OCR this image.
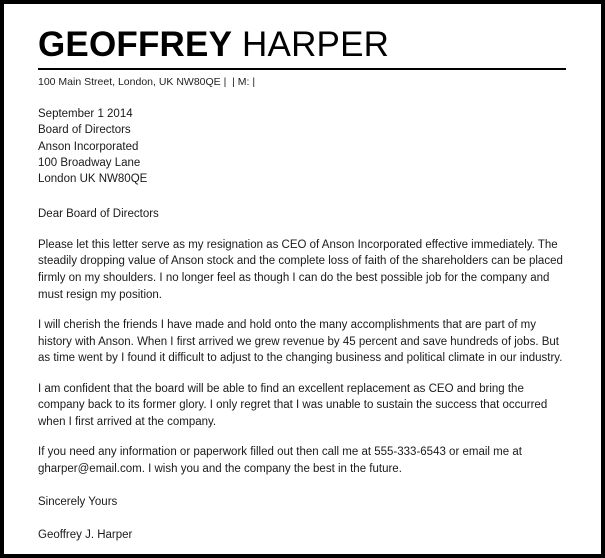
GEOFFREY HARPER
100 Main Street, London, UK NW80QE |  | M: |
September 1 2014
Board of Directors
Anson Incorporated
100 Broadway Lane
London UK NW80QE
Dear Board of Directors

Please let this letter serve as my resignation as CEO of Anson Incorporated effective immediately. The steadily dropping value of Anson stock and the complete loss of faith of the shareholders can be placed firmly on my shoulders. I no longer feel as though I can do the best possible job for the company and must resign my position.

I will cherish the friends I have made and hold onto the many accomplishments that are part of my history with Anson. When I first arrived we grew revenue by 45 percent and save hundreds of jobs. But as time went by I found it difficult to adjust to the changing business and political climate in our industry.

I am confident that the board will be able to find an excellent replacement as CEO and bring the company back to its former glory. I only regret that I was unable to sustain the success that occurred when I first arrived at the company.

If you need any information or paperwork filled out then call me at 555-333-6543 or email me at gharper@email.com. I wish you and the company the best in the future.

Sincerely Yours
Geoffrey J. Harper
